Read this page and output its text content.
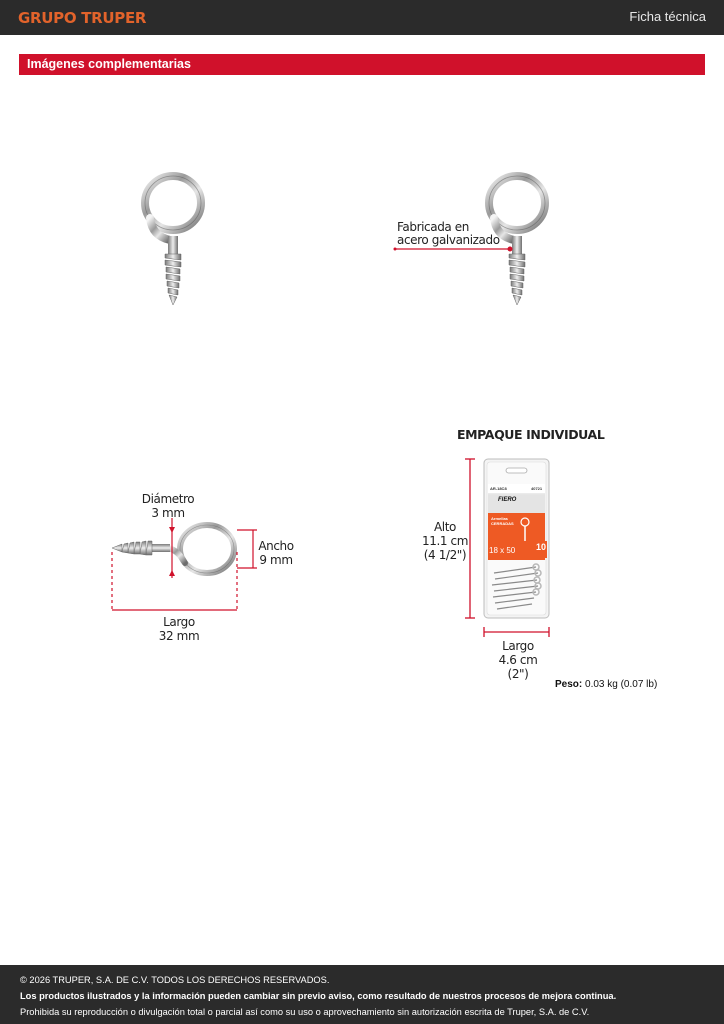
GRUPO TRUPER	Ficha técnica
Imágenes complementarias
Fabricada en
acero galvanizado
Diámetro
3 mm
Ancho
9 mm
Largo
32 mm
EMPAQUE INDIVIDUAL
AR-18C8	40721
FIERO
Armellas
CERRADAS
18 x 50 10
Alto
11.1 cm
(4 1/2")
Largo
4.6 cm
(2")
Peso: 0.03 kg (0.07 lb)
© 2026 TRUPER, S.A. DE C.V. TODOS LOS DERECHOS RESERVADOS.
Los productos ilustrados y la información pueden cambiar sin previo aviso, como resultado de nuestros procesos de mejora continua.
Prohibida su reproducción o divulgación total o parcial así como su uso o aprovechamiento sin autorización escrita de Truper, S.A. de C.V.
